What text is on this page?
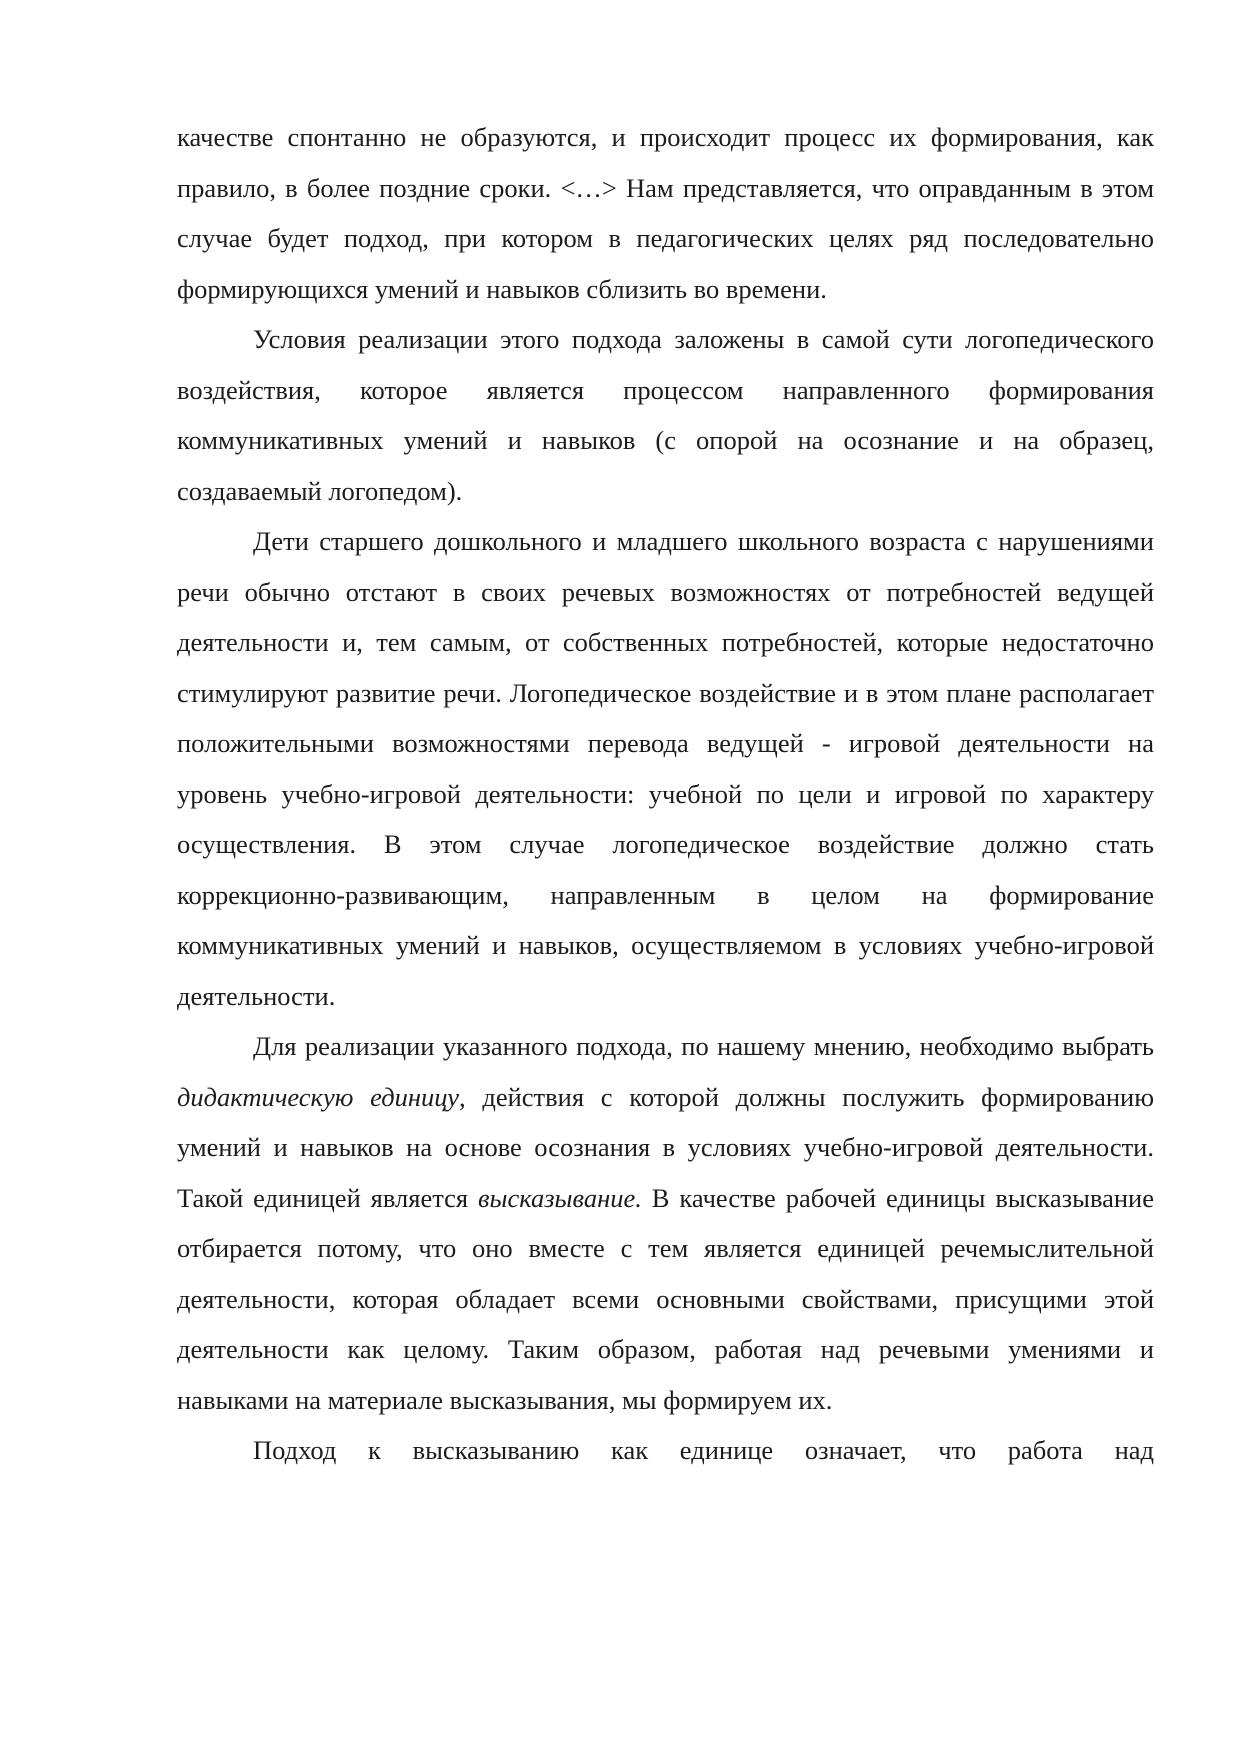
качестве спонтанно не образуются, и происходит процесс их формирования, как правило, в более поздние сроки. <…> Нам представляется, что оправданным в этом случае будет подход, при котором в педагогических целях ряд последовательно формирующихся умений и навыков сблизить во времени.

Условия реализации этого подхода заложены в самой сути логопедического воздействия, которое является процессом направленного формирования коммуникативных умений и навыков (с опорой на осознание и на образец, создаваемый логопедом).

Дети старшего дошкольного и младшего школьного возраста с нарушениями речи обычно отстают в своих речевых возможностях от потребностей ведущей деятельности и, тем самым, от собственных потребностей, которые недостаточно стимулируют развитие речи. Логопедическое воздействие и в этом плане располагает положительными возможностями перевода ведущей - игровой деятельности на уровень учебно-игровой деятельности: учебной по цели и игровой по характеру осуществления. В этом случае логопедическое воздействие должно стать коррекционно-развивающим, направленным в целом на формирование коммуникативных умений и навыков, осуществляемом в условиях учебно-игровой деятельности.

Для реализации указанного подхода, по нашему мнению, необходимо выбрать дидактическую единицу, действия с которой должны послужить формированию умений и навыков на основе осознания в условиях учебно-игровой деятельности. Такой единицей является высказывание. В качестве рабочей единицы высказывание отбирается потому, что оно вместе с тем является единицей речемыслительной деятельности, которая обладает всеми основными свойствами, присущими этой деятельности как целому. Таким образом, работая над речевыми умениями и навыками на материале высказывания, мы формируем их.

Подход к высказыванию как единице означает, что работа над
